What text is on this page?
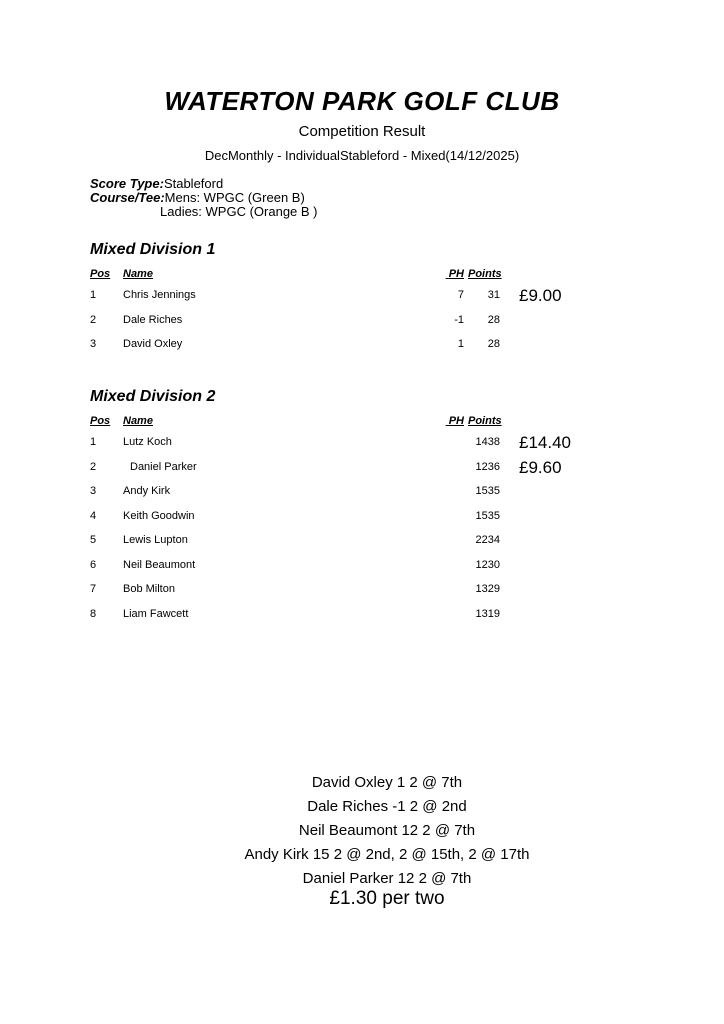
WATERTON PARK GOLF CLUB
Competition Result
DecMonthly - IndividualStableford - Mixed(14/12/2025)
Score Type:Stableford
Course/Tee:Mens: WPGC (Green B)
Ladies: WPGC (Orange B )
Mixed Division 1
Pos	Name	PH Points
1	Chris Jennings	7	31 £9.00
2	Dale Riches	-1	28
3	David Oxley	1	28
Mixed Division 2
Pos	Name	PH Points
1	Lutz Koch	1438 £14.40
2	Daniel Parker	1236 £9.60
3	Andy Kirk	1535
4	Keith Goodwin	1535
5	Lewis Lupton	2234
6	Neil Beaumont	1230
7	Bob Milton	1329
8	Liam Fawcett	1319
David Oxley 1 2 @ 7th
Dale Riches -1 2 @ 2nd
Neil Beaumont 12 2 @ 7th
Andy Kirk 15 2 @ 2nd, 2 @ 15th, 2 @ 17th
Daniel Parker 12 2 @ 7th
£1.30 per two
